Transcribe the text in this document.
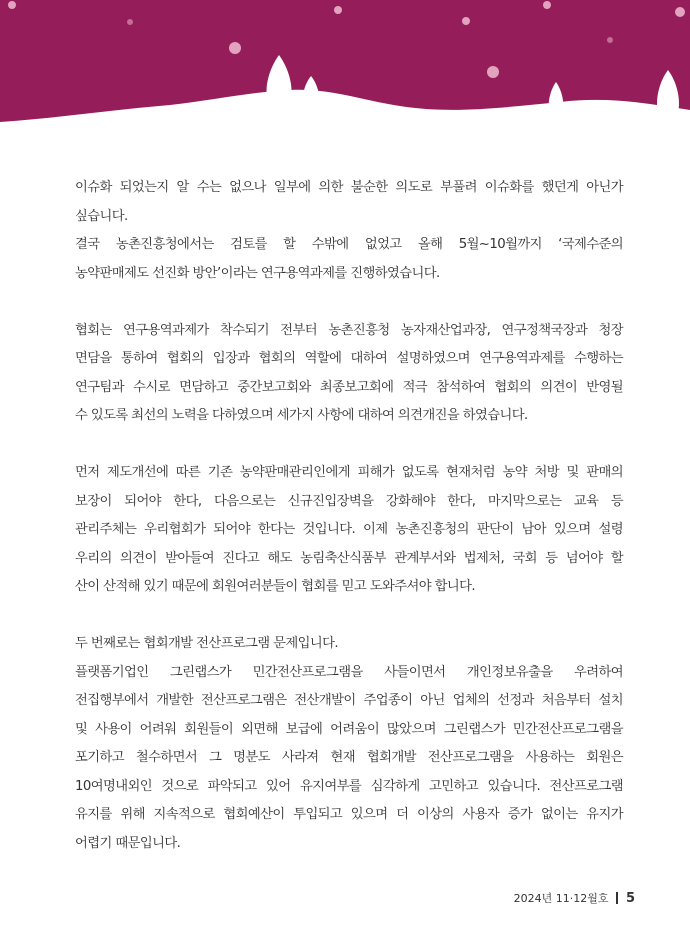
이슈화 되었는지 알 수는 없으나 일부에 의한 불순한 의도로 부풀려 이슈화를 했던게 아닌가

싶습니다.

결국 농촌진흥청에서는 검토를 할 수밖에 없었고 올해 5월~10월까지 ‘국제수준의

농약판매제도 선진화 방안’이라는 연구용역과제를 진행하였습니다.

협회는 연구용역과제가 착수되기 전부터 농촌진흥청 농자재산업과장, 연구정책국장과 청장

면담을 통하여 협회의 입장과 협회의 역할에 대하여 설명하였으며 연구용역과제를 수행하는

연구팀과 수시로 면담하고 중간보고회와 최종보고회에 적극 참석하여 협회의 의견이 반영될

수 있도록 최선의 노력을 다하였으며 세가지 사항에 대하여 의견개진을 하였습니다.

먼저 제도개선에 따른 기존 농약판매관리인에게 피해가 없도록 현재처럼 농약 처방 및 판매의

보장이 되어야 한다, 다음으로는 신규진입장벽을 강화해야 한다, 마지막으로는 교육 등

관리주체는 우리협회가 되어야 한다는 것입니다. 이제 농촌진흥청의 판단이 남아 있으며 설령

우리의 의견이 받아들여 진다고 해도 농림축산식품부 관계부서와 법제처, 국회 등 넘어야 할

산이 산적해 있기 때문에 회원여러분들이 협회를 믿고 도와주셔야 합니다.

두 번째로는 협회개발 전산프로그램 문제입니다.

플랫폼기업인 그린랩스가 민간전산프로그램을 사들이면서 개인정보유출을 우려하여

전집행부에서 개발한 전산프로그램은 전산개발이 주업종이 아닌 업체의 선정과 처음부터 설치

및 사용이 어려워 회원들이 외면해 보급에 어려움이 많았으며 그린랩스가 민간전산프로그램을

포기하고 철수하면서 그 명분도 사라져 현재 협회개발 전산프로그램을 사용하는 회원은

10여명내외인 것으로 파악되고 있어 유지여부를 심각하게 고민하고 있습니다. 전산프로그램

유지를 위해 지속적으로 협회예산이 투입되고 있으며 더 이상의 사용자 증가 없이는 유지가

어렵기 때문입니다.

2024년 11·12월호 5
